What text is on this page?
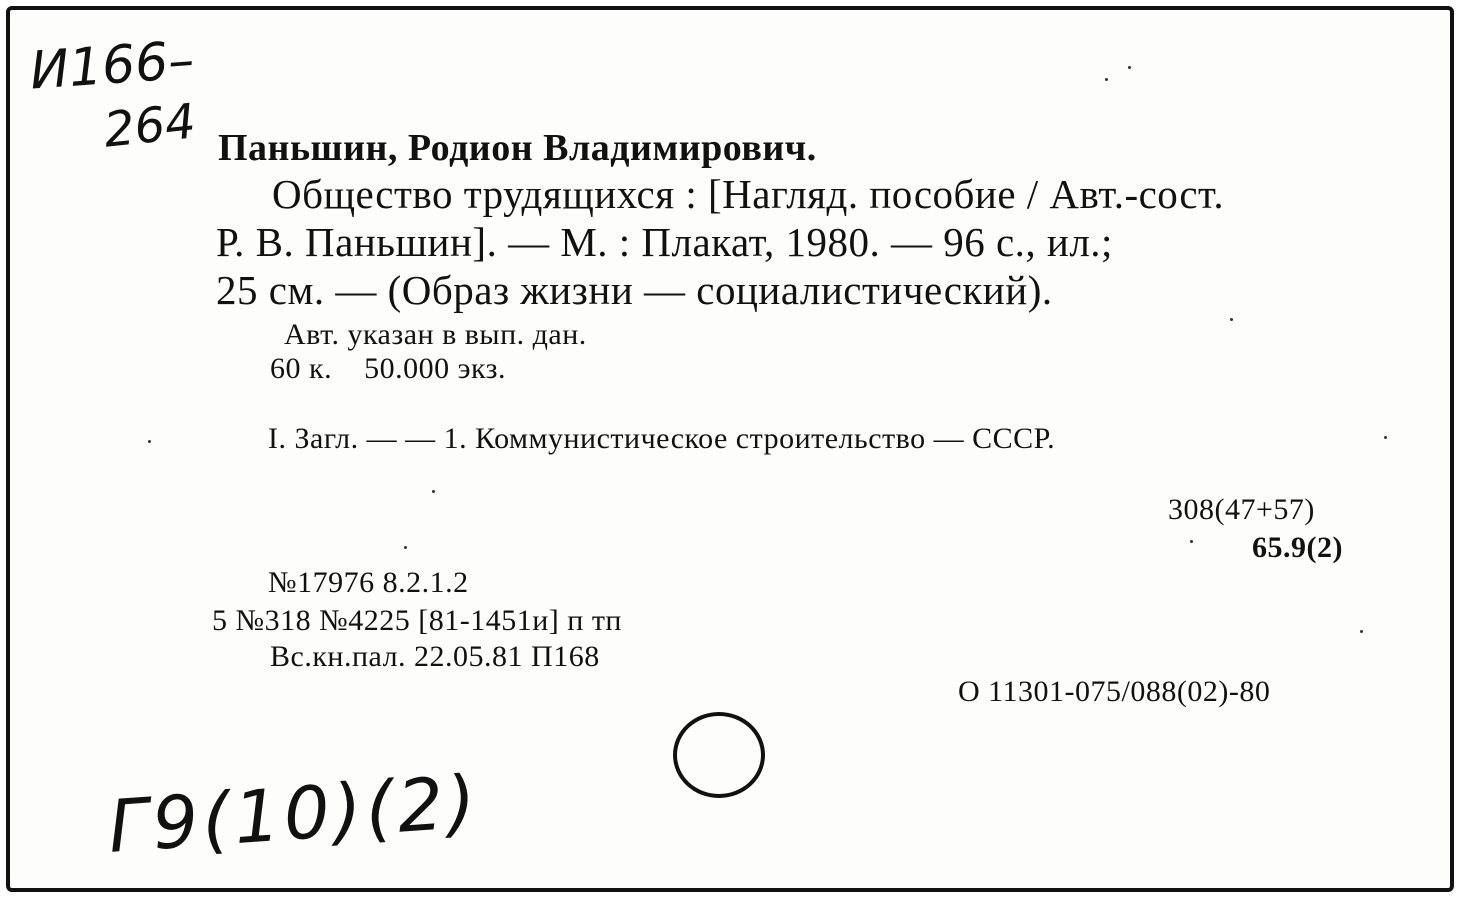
И166–
264 Паньшин, Родион Владимирович.
Общество трудящихся : [Нагляд. пособие / Авт.-сост.
Р. В. Паньшин]. — М. : Плакат, 1980. — 96 с., ил.;
25 см. — (Образ жизни — социалистический).
Авт. указан в вып. дан.
60 к.    50.000 экз.
I. Загл. — — 1. Коммунистическое строительство — СССР.
308(47+57)
65.9(2)
№17976 8.2.1.2
5 №318 №4225 [81-1451и] п тп
Вс.кн.пал. 22.05.81 П168
О 11301-075/088(02)-80
Г9(10)(2)
